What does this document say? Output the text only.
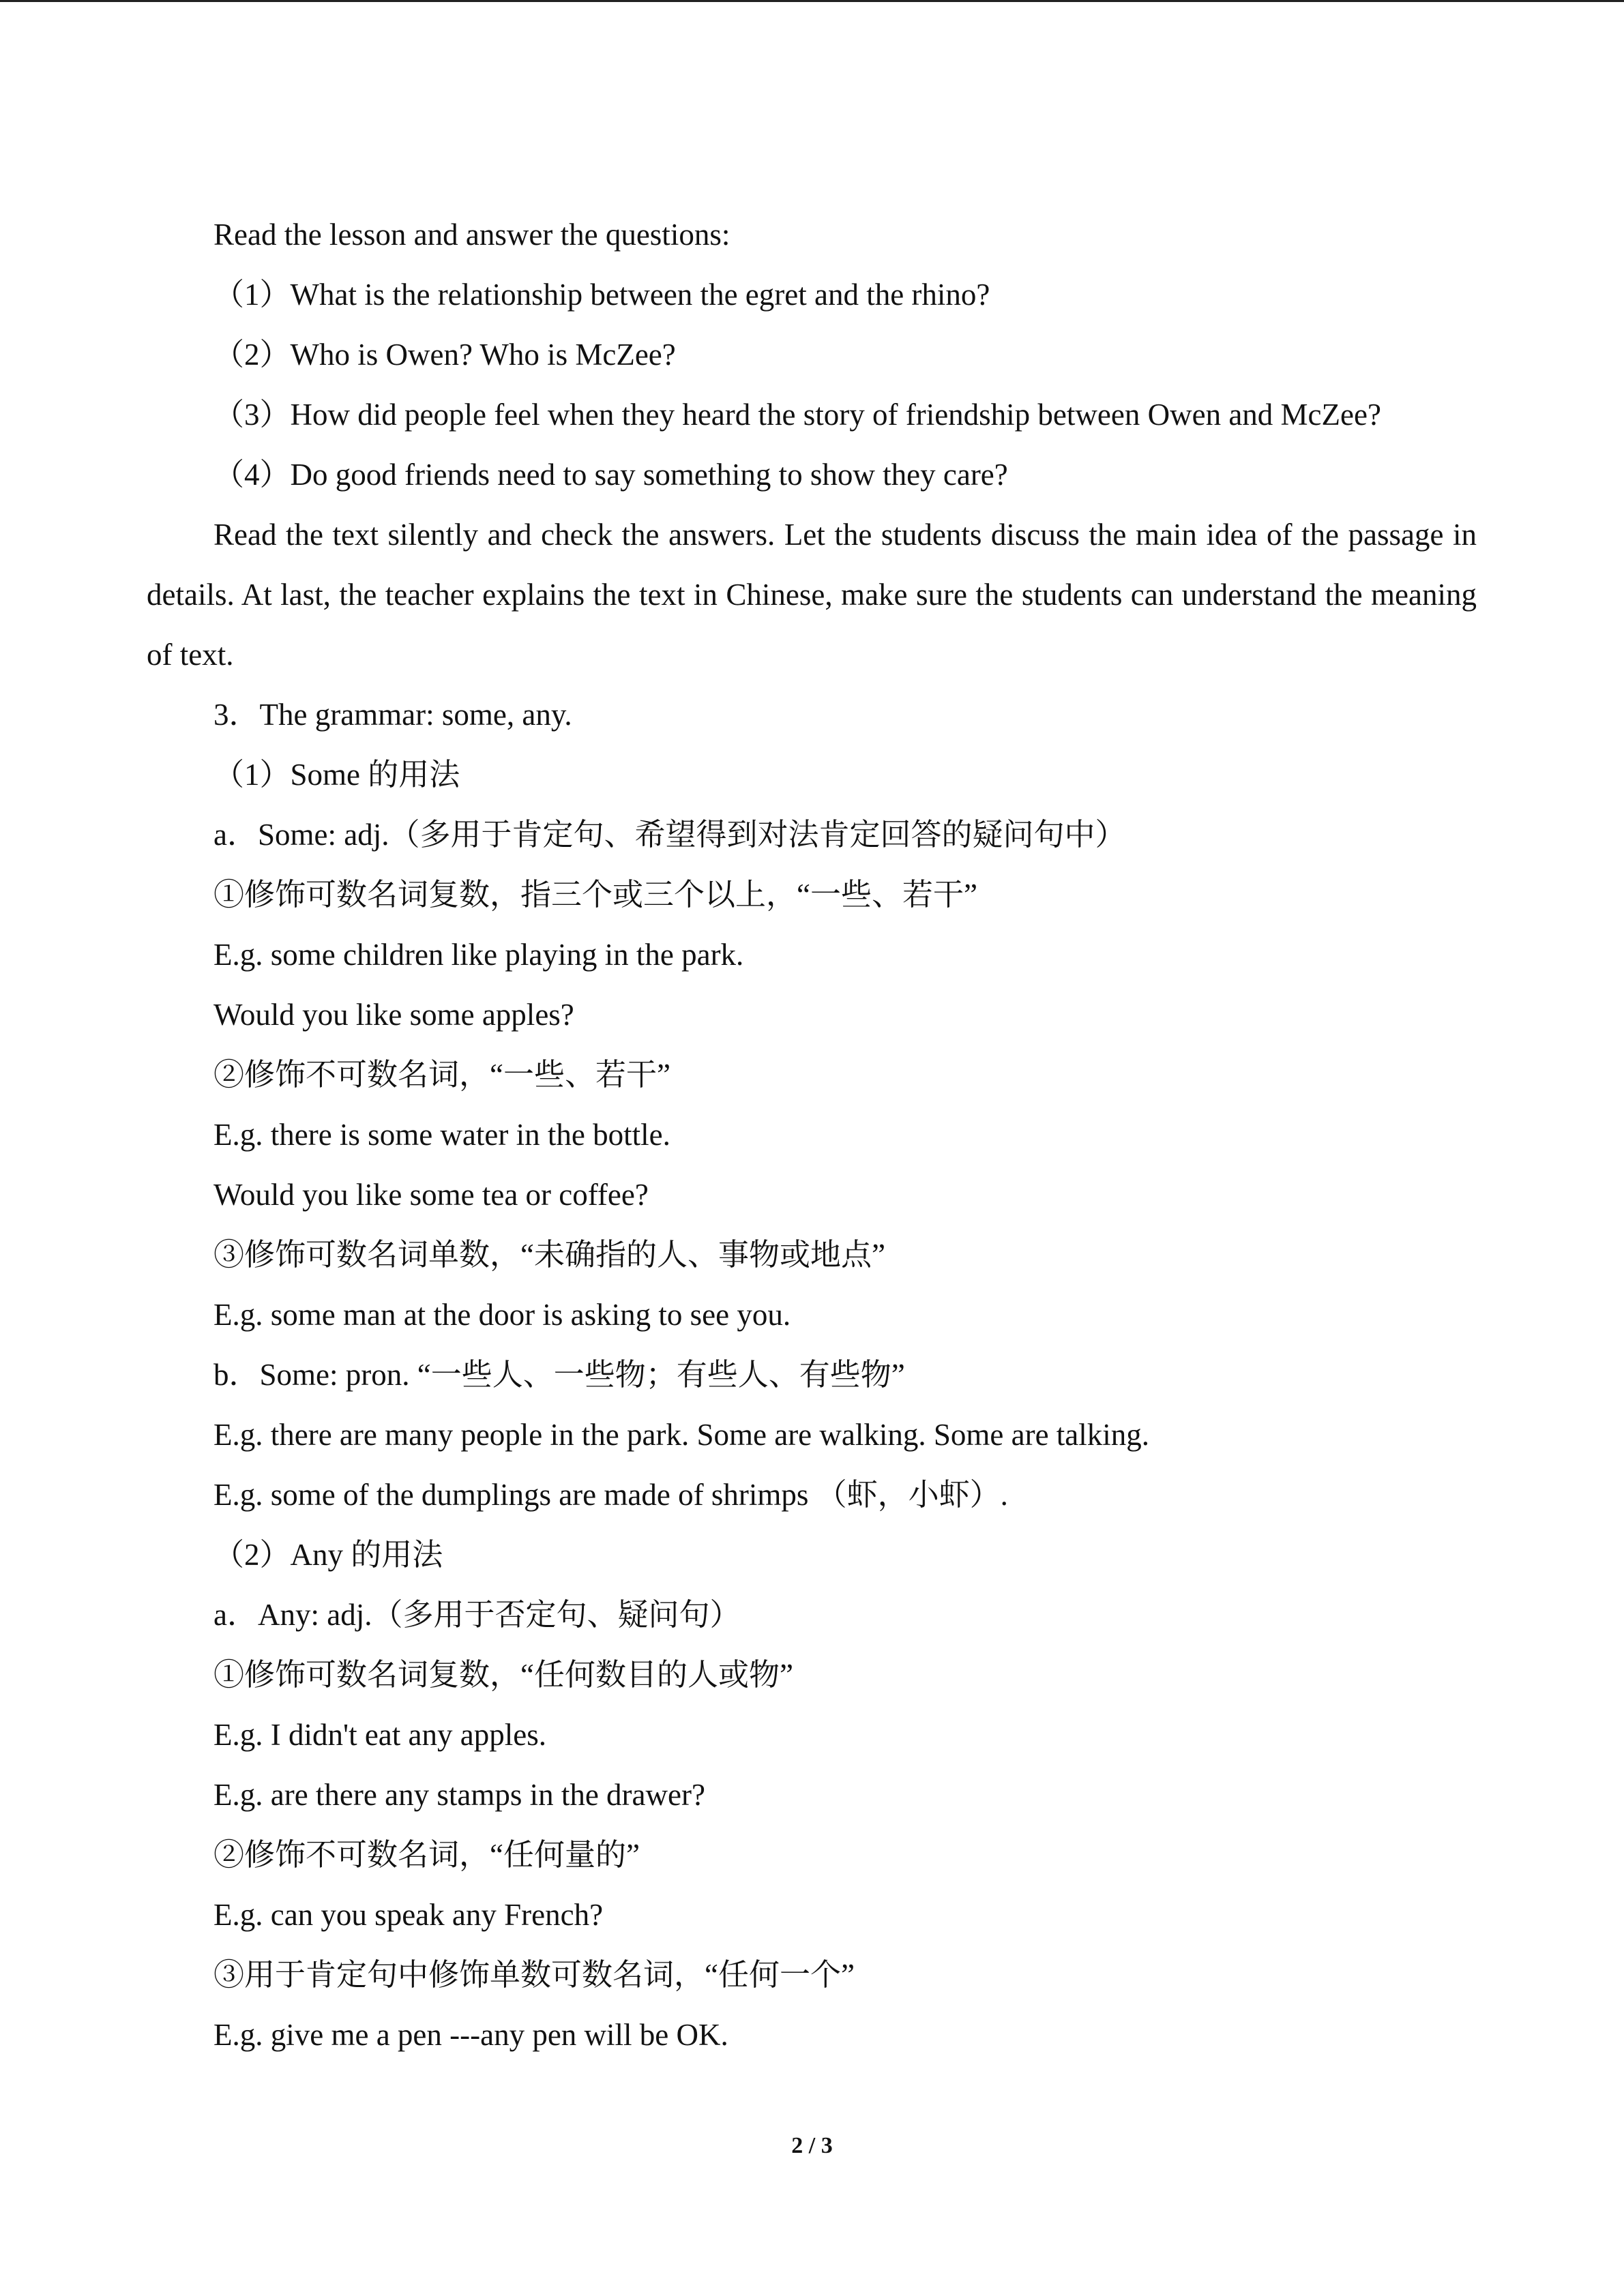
Read the lesson and answer the questions:
（1）What is the relationship between the egret and the rhino?
（2）Who is Owen? Who is McZee?
（3）How did people feel when they heard the story of friendship between Owen and McZee?
（4）Do good friends need to say something to show they care?

Read the text silently and check the answers. Let the students discuss the main idea of the passage in details. At last, the teacher explains the text in Chinese, make sure the students can understand the meaning of text.

3．The grammar: some, any.
（1）Some 的用法
a．Some: adj.（多用于肯定句、希望得到对法肯定回答的疑问句中）
①修饰可数名词复数，指三个或三个以上，“一些、若干”
E.g. some children like playing in the park.
Would you like some apples?
②修饰不可数名词，“一些、若干”
E.g. there is some water in the bottle.
Would you like some tea or coffee?
③修饰可数名词单数，“未确指的人、事物或地点”
E.g. some man at the door is asking to see you.
b．Some: pron. “一些人、一些物；有些人、有些物”
E.g. there are many people in the park. Some are walking. Some are talking.
E.g. some of the dumplings are made of shrimps （虾，小虾）.
（2）Any 的用法
a．Any: adj.（多用于否定句、疑问句）
①修饰可数名词复数，“任何数目的人或物”
E.g. I didn't eat any apples.
E.g. are there any stamps in the drawer?
②修饰不可数名词，“任何量的”
E.g. can you speak any French?
③用于肯定句中修饰单数可数名词，“任何一个”
E.g. give me a pen ---any pen will be OK.
2 / 3
